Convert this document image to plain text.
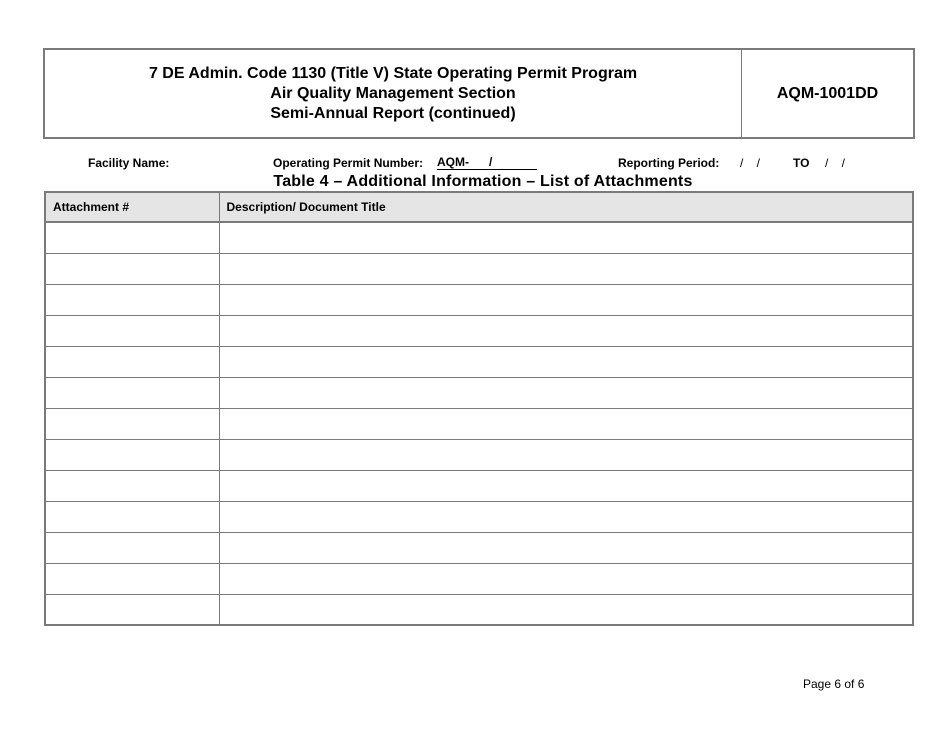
7 DE Admin. Code 1130 (Title V) State Operating Permit Program
Air Quality Management Section
Semi-Annual Report (continued)
AQM-1001DD
Facility Name:	Operating Permit Number: AQM-      /	Reporting Period: /    /	TO /    /
Table 4 – Additional Information – List of Attachments
Attachment #	Description/ Document Title

Page 6 of 6
